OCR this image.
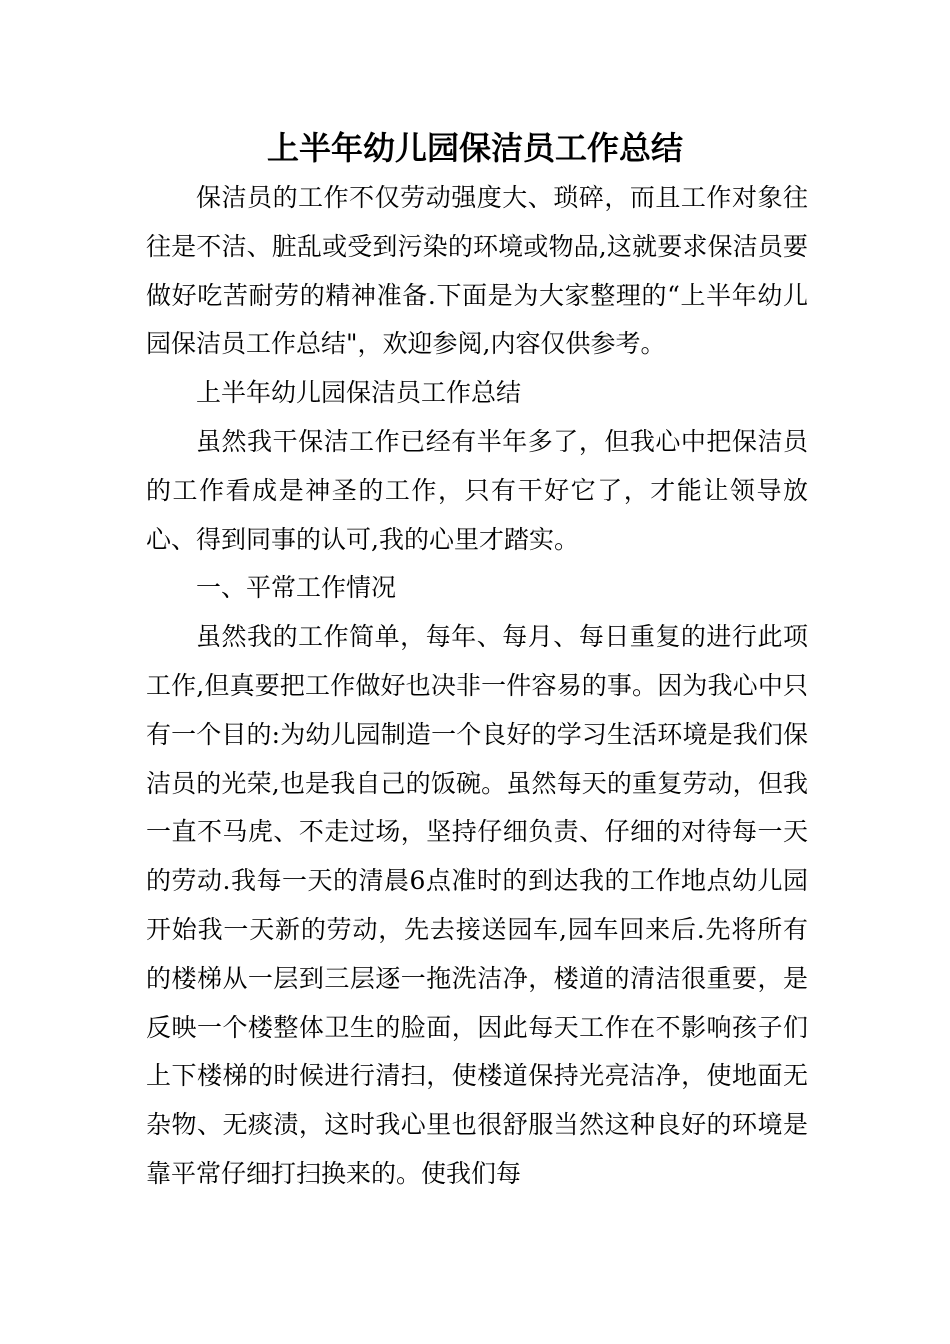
上半年幼儿园保洁员工作总结

保洁员的工作不仅劳动强度大、琐碎，而且工作对象往往是不洁、脏乱或受到污染的环境或物品,这就要求保洁员要做好吃苦耐劳的精神准备.下面是为大家整理的“上半年幼儿园保洁员工作总结"，欢迎参阅,内容仅供参考。

上半年幼儿园保洁员工作总结

虽然我干保洁工作已经有半年多了，但我心中把保洁员的工作看成是神圣的工作，只有干好它了，才能让领导放心、得到同事的认可,我的心里才踏实。

一、平常工作情况

虽然我的工作简单，每年、每月、每日重复的进行此项工作,但真要把工作做好也决非一件容易的事。因为我心中只有一个目的:为幼儿园制造一个良好的学习生活环境是我们保洁员的光荣,也是我自己的饭碗。虽然每天的重复劳动，但我一直不马虎、不走过场，坚持仔细负责、仔细的对待每一天的劳动.我每一天的清晨6点准时的到达我的工作地点幼儿园开始我一天新的劳动，先去接送园车,园车回来后.先将所有的楼梯从一层到三层逐一拖洗洁净，楼道的清洁很重要，是反映一个楼整体卫生的脸面，因此每天工作在不影响孩子们上下楼梯的时候进行清扫，使楼道保持光亮洁净，使地面无杂物、无痰渍，这时我心里也很舒服当然这种良好的环境是靠平常仔细打扫换来的。使我们每
